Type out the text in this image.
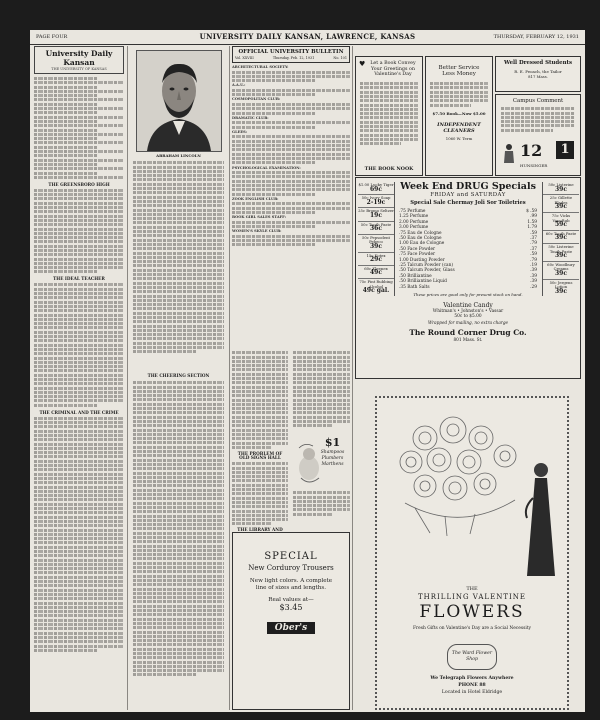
PAGE FOUR	UNIVERSITY DAILY KANSAN, LAWRENCE, KANSAS	THURSDAY, FEBRUARY 12, 1931
University Daily Kansan
THE UNIVERSITY OF KANSAS
THE GREENSBORO HIGH
THE IDEAL TEACHER
THE CRIMINAL AND THE CRIME
ABRAHAM LINCOLN
THE CHEERING SECTION
OFFICIAL UNIVERSITY BULLETIN
Vol. XXVIII	Thursday, Feb. 12, 1931	No. 101
ARCHITECTURAL SOCIETY:
A.A.U.:
COSMOPOLITAN CLUB:
DRAMATIC CLUB:
GLEES:
PSYCHOLOGICAL EXAMINATION:
ZOOK ENGLISH CLUB:
BOOK GIRL SALES STAFF:
WOMEN'S SKYLE CLUB:
THE PROBLEM OF OLD SIGNS HALL
THE LIBRARY AND
$1
Shampoos
Plumbers
Marthens
SPECIAL
New Corduroy Trousers
New light colors. A complete line of sizes and lengths.
Real values at—
$3.45
Ober's
♥	Let a Book Convey Your Greetings on Valentine's Day
THE BOOK NOOK
Better Service Less Money
$7.50 Book—Now $5.00
INDEPENDENT CLEANERS
1060 W. Term
Well Dressed Students
R. E. Peoach, the Tailor
817 Mass.
Campus Comment
12	1
HUNSINGER
$1.00 Lucky Tiger
69c
50c Ivory Soap
2-19c
25c Bromo Seltzer
19c
50c Tooth Paste
36c
50c Pepsodent Pebeco
39c
15c Kotex
29c
60c Kleenex
49c
75c Pint Rubbing Alcohol
49c gal.
Week End DRUG Specials
FRIDAY and SATURDAY
Special Sale Chermay Joli Sor Toiletries
.75 Perfume	$ .59
1.25 Perfume	.99
2.00 Perfume	1.59
3.00 Perfume	1.79
.75 Eau de Cologne	.59
.50 Eau de Cologne	.37
1.00 Eau de Cologne	.79
.50 Face Powder	.37
.75 Face Powder	.59
1.00 Dusting Powder	.79
.25 Talcum Powder (can)	.19
.50 Talcum Powder, Glass	.39
.50 Brilliantine	.39
.50 Brilliantine Liquid	.39
.35 Bath Salts	.29
These prices are good only for present stock on hand.
Valentine Candy
Whitman's • Johnston's • Vassar
50c to $5.00
Wrapped for mailing, no extra charge
The Round Corner Drug Co.
801 Mass. St.
50c Listerine
39c
25c Gillette Blades
39c
75c Vicks VapoRub
59c
60c Tooth Paste
39c
50c Listerine Tooth Paste
39c
60c Woodbury Creams
39c
50c Jergens Lotion
39c
THE
THRILLING VALENTINE
FLOWERS
Fresh Gifts on Valentine's Day are a Social Necessity
The Ward Flower Shop
We Telegraph Flowers Anywhere
PHONE 88
Located in Hotel Eldridge
